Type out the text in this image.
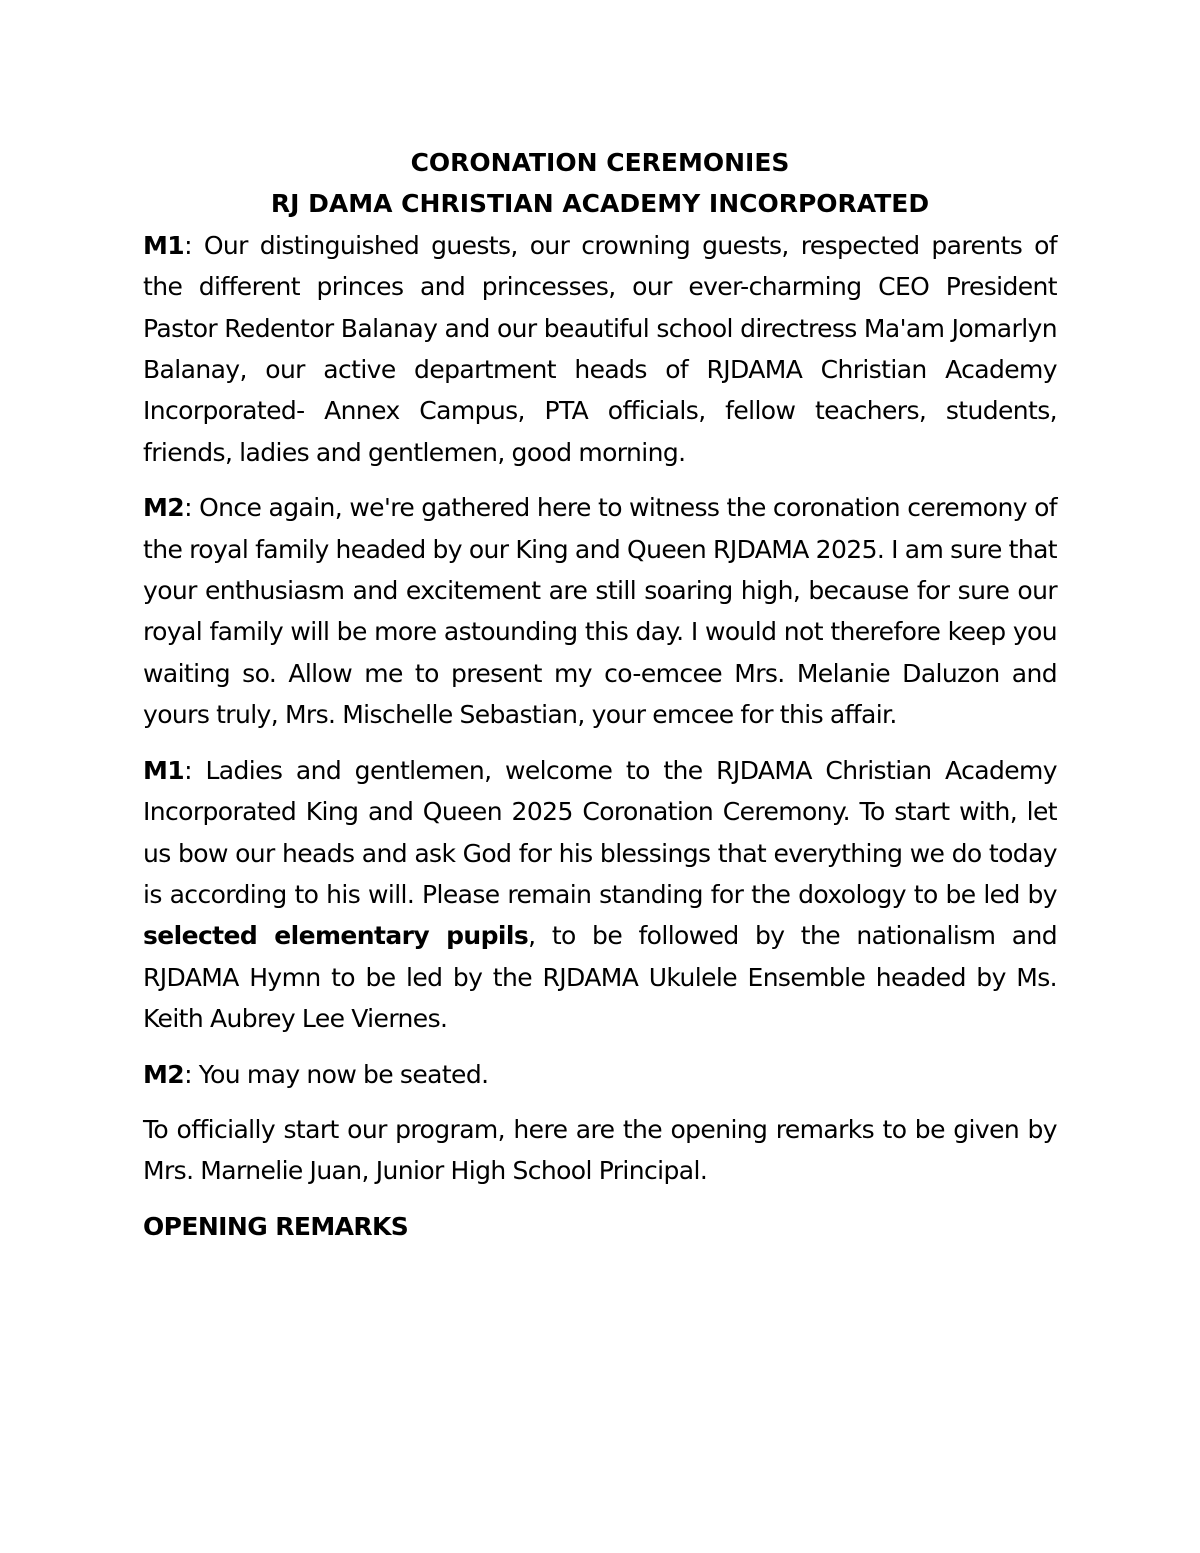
CORONATION CEREMONIES

RJ DAMA CHRISTIAN ACADEMY INCORPORATED

M1: Our distinguished guests, our crowning guests, respected parents of the different princes and princesses, our ever-charming CEO President Pastor Redentor Balanay and our beautiful school directress Ma'am Jomarlyn Balanay, our active department heads of RJDAMA Christian Academy Incorporated- Annex Campus, PTA officials, fellow teachers, students, friends, ladies and gentlemen, good morning.

M2: Once again, we're gathered here to witness the coronation ceremony of the royal family headed by our King and Queen RJDAMA 2025. I am sure that your enthusiasm and excitement are still soaring high, because for sure our royal family will be more astounding this day. I would not therefore keep you waiting so. Allow me to present my co-emcee Mrs. Melanie Daluzon and yours truly, Mrs. Mischelle Sebastian, your emcee for this affair.

M1: Ladies and gentlemen, welcome to the RJDAMA Christian Academy Incorporated King and Queen 2025 Coronation Ceremony. To start with, let us bow our heads and ask God for his blessings that everything we do today is according to his will. Please remain standing for the doxology to be led by selected elementary pupils, to be followed by the nationalism and RJDAMA Hymn to be led by the RJDAMA Ukulele Ensemble headed by Ms. Keith Aubrey Lee Viernes.

M2: You may now be seated.

To officially start our program, here are the opening remarks to be given by Mrs. Marnelie Juan, Junior High School Principal.

OPENING REMARKS
